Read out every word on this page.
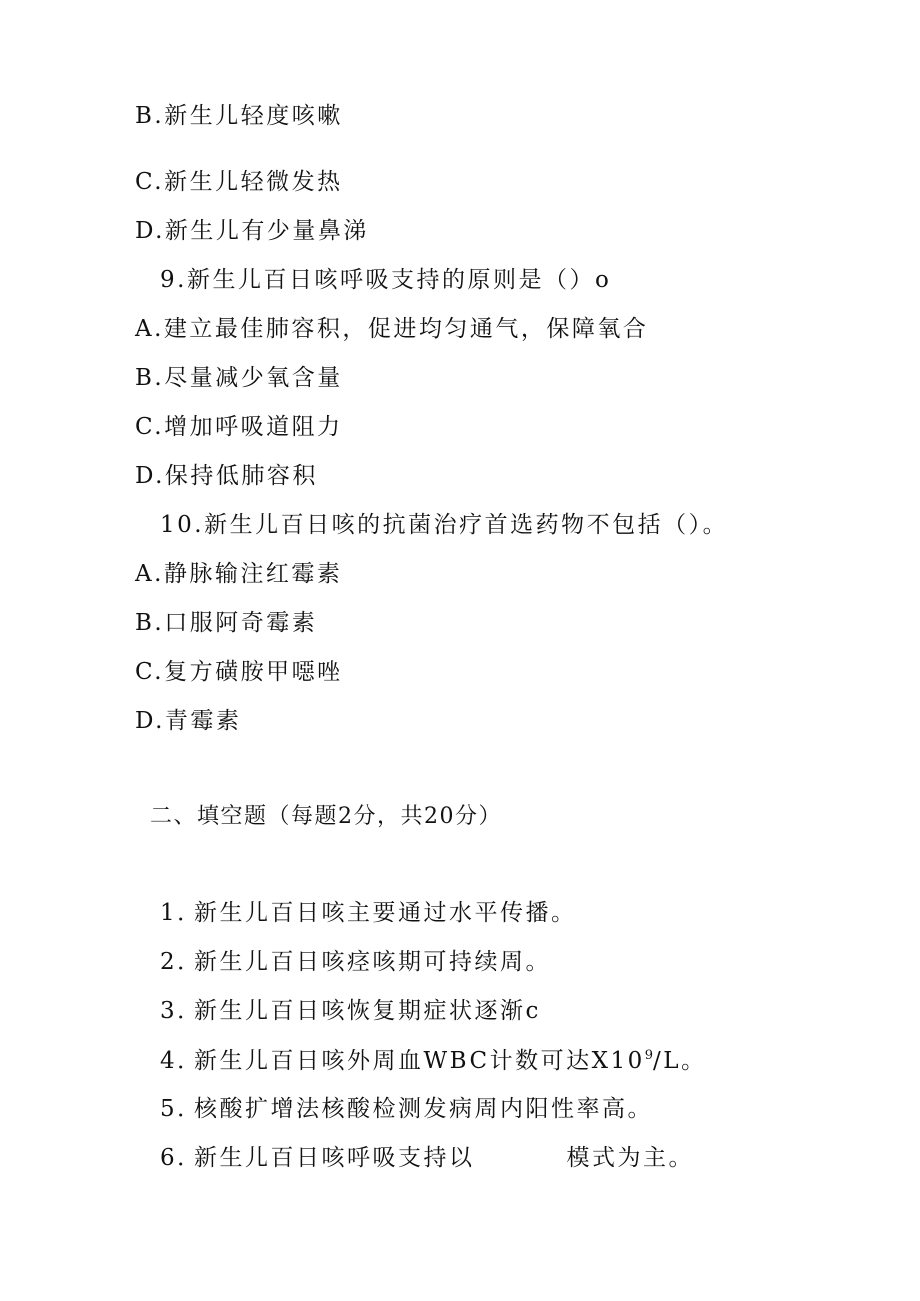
B.新生儿轻度咳嗽
C.新生儿轻微发热
D.新生儿有少量鼻涕
9.新生儿百日咳呼吸支持的原则是（）o
A.建立最佳肺容积，促进均匀通气，保障氧合
B.尽量减少氧含量
C.增加呼吸道阻力
D.保持低肺容积
10.新生儿百日咳的抗菌治疗首选药物不包括（）。
A.静脉输注红霉素
B.口服阿奇霉素
C.复方磺胺甲噁唑
D.青霉素
二、填空题（每题2分，共20分）
1．新生儿百日咳主要通过水平传播。
2．新生儿百日咳痉咳期可持续周。
3．新生儿百日咳恢复期症状逐渐c
4．新生儿百日咳外周血WBC计数可达$X10^9/L$。
5．核酸扩增法核酸检测发病周内阳性率高。
6．新生儿百日咳呼吸支持以	模式为主。
